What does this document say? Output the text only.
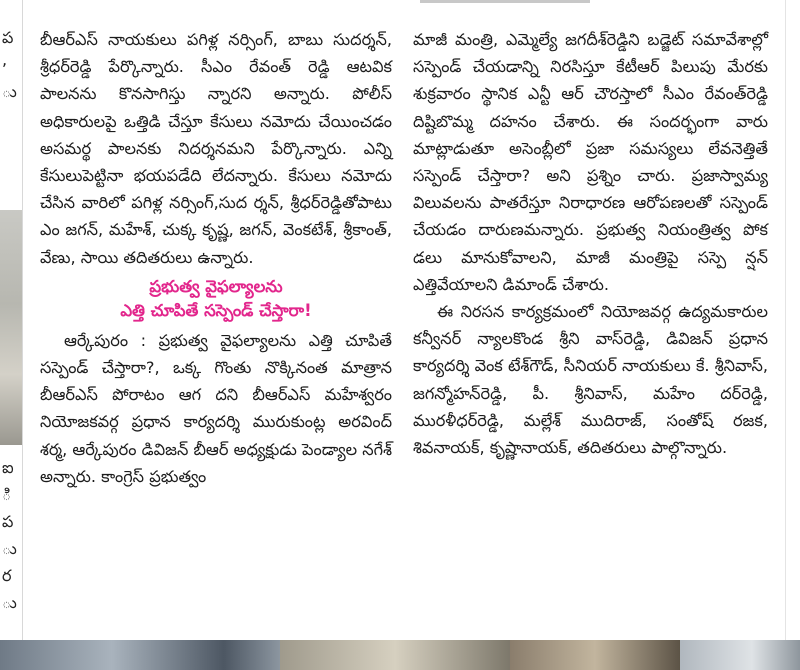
ప
,
ు
ఐ
ి
ప
ు
ర
ు

బీఆర్‌ఎస్‌ నాయకులు పగిళ్ల నర్సింగ్‌, బాబు సుదర్శన్‌, శ్రీధర్‌రెడ్డి పేర్కొన్నారు. సీఎం రేవంత్‌ రెడ్డి ఆటవిక పాలనను కొనసాగిస్తు న్నారని అన్నారు. పోలీస్‌ అధికారులపై ఒత్తిడి చేస్తూ కేసులు నమోదు చేయించడం అసమర్థ పాలనకు నిదర్శనమని పేర్కొన్నారు. ఎన్ని కేసులుపెట్టినా భయపడేది లేదన్నారు. కేసులు నమోదు చేసిన వారిలో పగిళ్ల నర్సింగ్‌,సుద ర్శన్‌, శ్రీధర్‌రెడ్డితోపాటు ఎం జగన్‌, మహేశ్‌, చుక్క కృష్ణ, జగన్‌, వెంకటేశ్‌, శ్రీకాంత్‌, వేణు, సాయి తదితరులు ఉన్నారు.

ప్రభుత్వ వైఫల్యాలను
ఎత్తి చూపితే సస్పెండ్‌ చేస్తారా!

ఆర్కేపురం : ప్రభుత్వ వైఫల్యాలను ఎత్తి చూపితే సస్పెండ్‌ చేస్తారా?, ఒక్క గొంతు నొక్కినంత మాత్రాన బీఆర్‌ఎస్‌ పోరాటం ఆగ దని బీఆర్‌ఎస్‌ మహేశ్వరం నియోజకవర్గ ప్రధాన కార్యదర్శి మురుకుంట్ల అరవింద్‌ శర్మ, ఆర్కేపురం డివిజన్‌ బీఆర్‌ అధ్యక్షుడు పెండ్యాల నగేశ్‌ అన్నారు. కాంగ్రెస్‌ ప్రభుత్వం

మాజీ మంత్రి, ఎమ్మెల్యే జగదీశ్‌రెడ్డిని బడ్జెట్‌ సమావేశాల్లో సస్పెండ్‌ చేయడాన్ని నిరసిస్తూ కేటీఆర్‌ పిలుపు మేరకు శుక్రవారం స్థానిక ఎన్టీ ఆర్‌ చౌరస్తాలో సీఎం రేవంత్‌రెడ్డి దిష్టిబొమ్మ దహనం చేశారు. ఈ సందర్భంగా వారు మాట్లాడుతూ అసెంబ్లీలో ప్రజా సమస్యలు లేవనెత్తితే సస్పెండ్‌ చేస్తారా? అని ప్రశ్నిం చారు. ప్రజాస్వామ్య విలువలను పాతరేస్తూ నిరాధారణ ఆరోపణలతో సస్పెండ్‌ చేయడం దారుణమన్నారు. ప్రభుత్వ నియంత్రిత్వ పోక డలు మానుకోవాలని, మాజీ మంత్రిపై సస్పె న్షన్‌ ఎత్తివేయాలని డిమాండ్‌ చేశారు.

ఈ నిరసన కార్యక్రమంలో నియోజవర్గ ఉద్యమకారుల కన్వీనర్‌ న్యాలకొండ శ్రీని వాస్‌రెడ్డి, డివిజన్‌ ప్రధాన కార్యదర్శి వెంక టేశ్‌గౌడ్‌, సీనియర్‌ నాయకులు కే. శ్రీనివాస్‌, జగన్మోహన్‌రెడ్డి, పీ. శ్రీనివాస్‌, మహేం దర్‌రెడ్డి, మురళీధర్‌రెడ్డి, మల్లేశ్‌ ముదిరాజ్‌, సంతోష్‌ రజక, శివనాయక్‌, కృష్ణానాయక్‌, తదితరులు పాల్గొన్నారు.
